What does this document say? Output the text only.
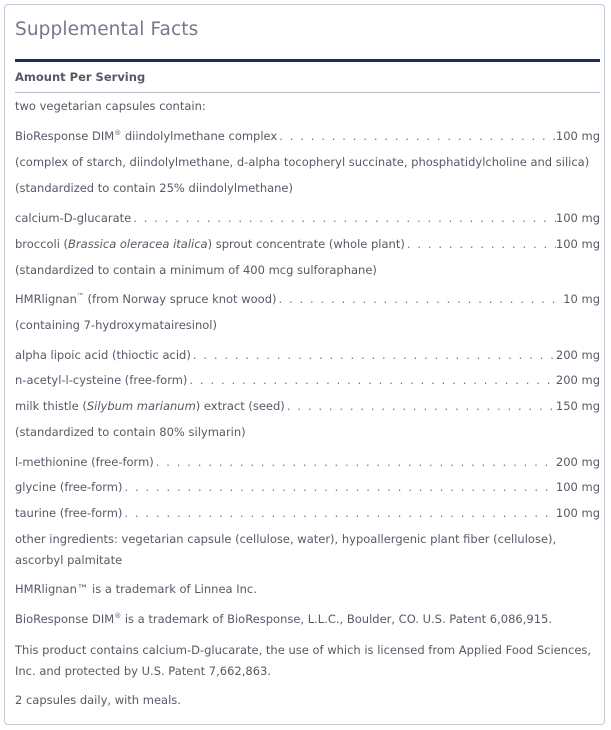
Supplemental Facts
Amount Per Serving
two vegetarian capsules contain:
BioResponse DIM® diindolylmethane complex . . .	100 mg
(complex of starch, diindolylmethane, d-alpha tocopheryl succinate, phosphatidylcholine and silica)
(standardized to contain 25% diindolylmethane)
calcium-D-glucarate . . .	100 mg
broccoli (Brassica oleracea italica) sprout concentrate (whole plant) . . .	100 mg
(standardized to contain a minimum of 400 mcg sulforaphane)
HMRlignan™ (from Norway spruce knot wood) . . .	10 mg
(containing 7-hydroxymatairesinol)
alpha lipoic acid (thioctic acid) . . .	200 mg
n-acetyl-l-cysteine (free-form) . . .	200 mg
milk thistle (Silybum marianum) extract (seed) . . .	150 mg
(standardized to contain 80% silymarin)
l-methionine (free-form) . . .	200 mg
glycine (free-form) . . .	100 mg
taurine (free-form) . . .	100 mg
other ingredients: vegetarian capsule (cellulose, water), hypoallergenic plant fiber (cellulose), ascorbyl palmitate
HMRlignan™ is a trademark of Linnea Inc.
BioResponse DIM® is a trademark of BioResponse, L.L.C., Boulder, CO. U.S. Patent 6,086,915.
This product contains calcium-D-glucarate, the use of which is licensed from Applied Food Sciences, Inc. and protected by U.S. Patent 7,662,863.
2 capsules daily, with meals.
